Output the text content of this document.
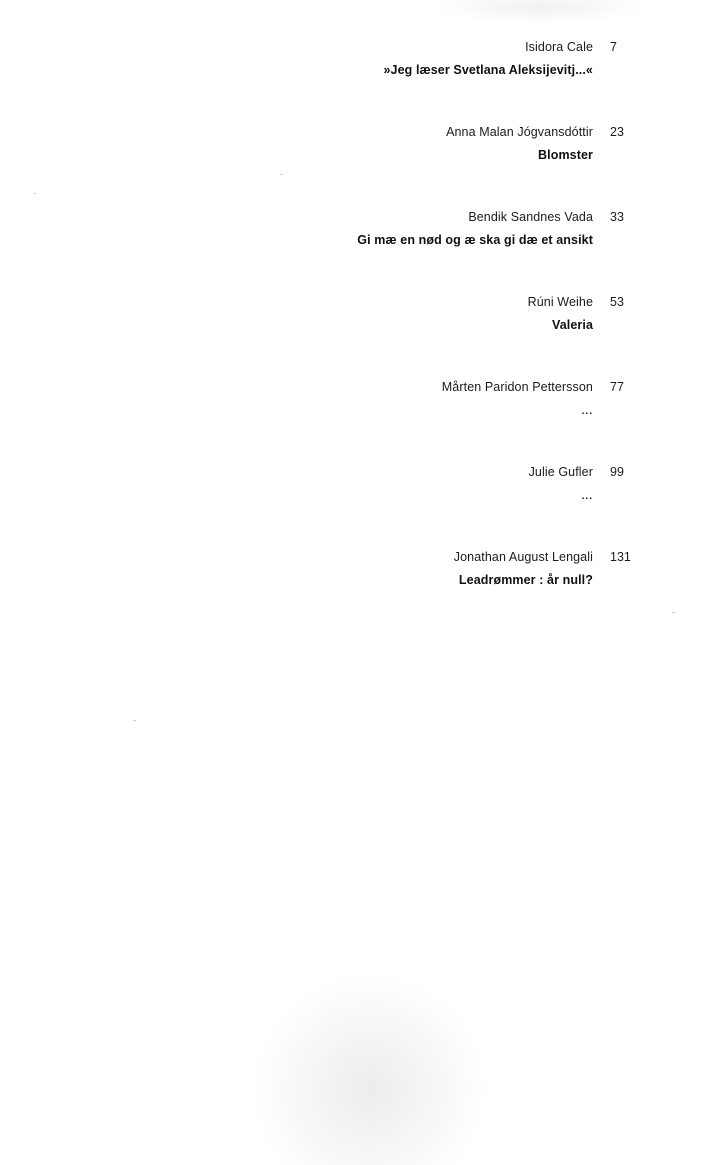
Isidora Cale 7
»Jeg læser Svetlana Aleksijevitj...«
Anna Malan Jógvansdóttir 23
Blomster
Bendik Sandnes Vada 33
Gi mæ en nød og æ ska gi dæ et ansikt
Rúni Weihe 53
Valeria
Mårten Paridon Pettersson 77
...
Julie Gufler 99
...
Jonathan August Lengali 131
Leadrømmer : år null?
